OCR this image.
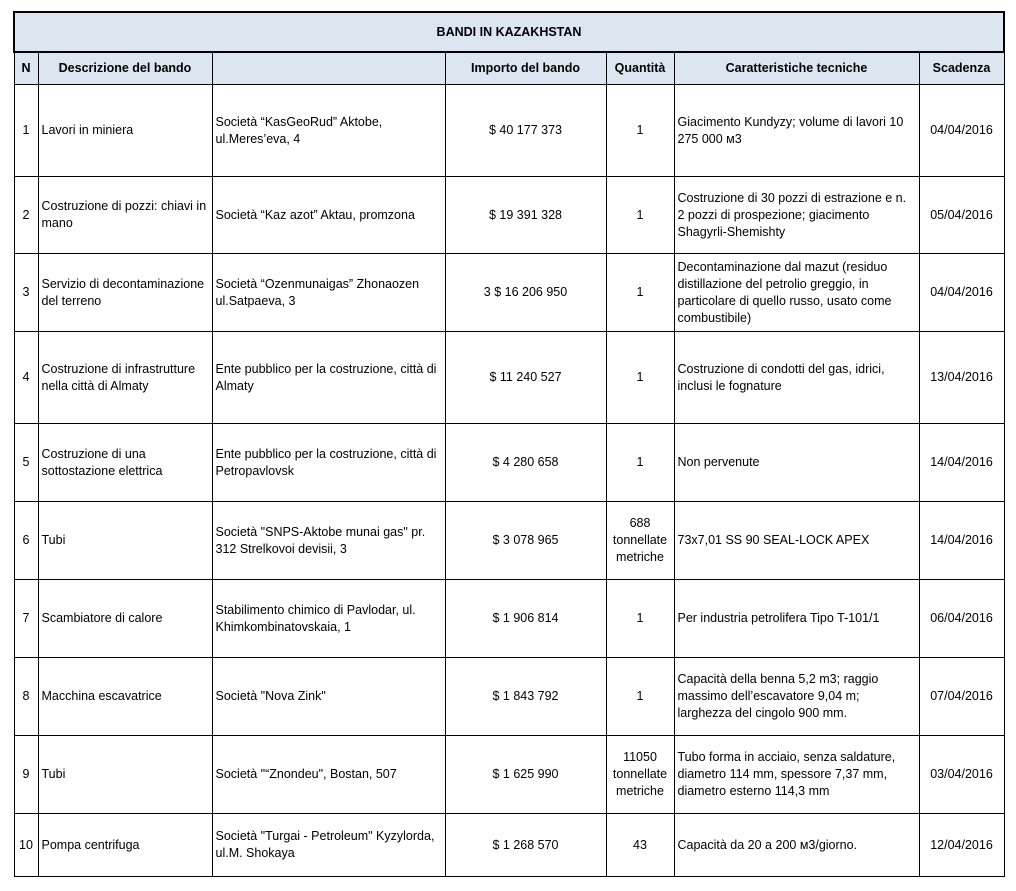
BANDI IN KAZAKHSTAN						
N	Descrizione del bando		Importo del bando	Quantità	Caratteristiche tecniche	Scadenza
1	Lavori in miniera	Società “KasGeoRud” Aktobe, ul.Meres’eva, 4	$ 40 177 373	1	Giacimento Kundyzy; volume di lavori 10 275 000 м3	04/04/2016
2	Costruzione di pozzi: chiavi in mano	Società “Kaz azot” Aktau, promzona	$ 19 391 328	1	Costruzione di 30 pozzi di estrazione e n. 2 pozzi di prospezione; giacimento Shagyrli-Shemishty	05/04/2016
3	Servizio di decontaminazione del terreno	Società “Ozenmunaigas” Zhonaozen ul.Satpaeva, 3	3 $ 16 206 950	1	Decontaminazione dal mazut (residuo distillazione del petrolio greggio, in particolare di quello russo, usato come combustibile)	04/04/2016
4	Costruzione di infrastrutture nella città di Almaty	Ente pubblico per la costruzione, città di Almaty	$ 11 240 527	1	Costruzione di condotti del gas, idrici, inclusi le fognature	13/04/2016
5	Costruzione di una sottostazione elettrica	Ente pubblico per la costruzione, città di Petropavlovsk	$ 4 280 658	1	Non pervenute	14/04/2016
6	Tubi	Società "SNPS-Aktobe munai gas" pr. 312 Strelkovoi devisii, 3	$ 3 078 965	688 tonnellate metriche	73x7,01 SS 90 SEAL-LOCK APEX	14/04/2016
7	Scambiatore di calore	Stabilimento chimico di Pavlodar, ul. Khimkombinatovskaia, 1	$ 1 906 814	1	Per industria petrolifera Tipo T-101/1	06/04/2016
8	Macchina escavatrice	Società "Nova Zink"	$ 1 843 792	1	Capacità della benna 5,2 m3; raggio massimo dell’escavatore 9,04 m; larghezza del cingolo 900 mm.	07/04/2016
9	Tubi	Società "“Znondeu", Bostan, 507	$ 1 625 990	11050 tonnellate metriche	Tubo forma in acciaio, senza saldature, diametro 114 mm, spessore 7,37 mm, diametro esterno 114,3 mm	03/04/2016
10	Pompa centrifuga	Società "Turgai - Petroleum" Kyzylorda, ul.M. Shokaya	$ 1 268 570	43	Capacità da 20 a 200 м3/giorno.	12/04/2016
